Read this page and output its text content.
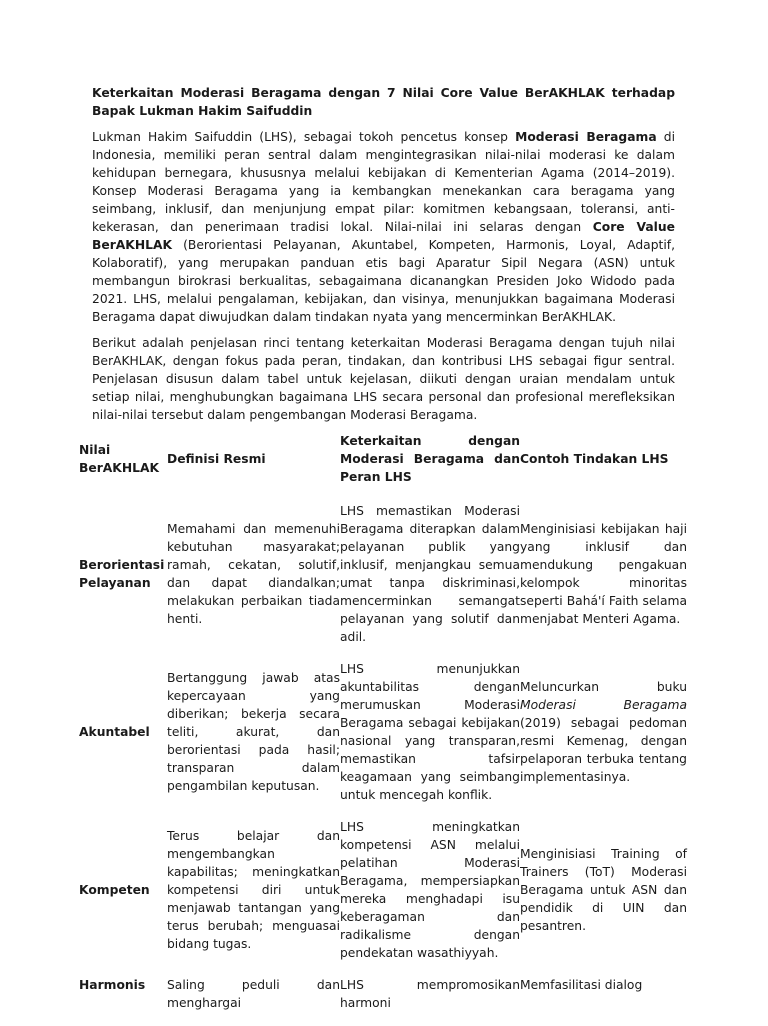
Keterkaitan Moderasi Beragama dengan 7 Nilai Core Value BerAKHLAK terhadap Bapak Lukman Hakim Saifuddin

Lukman Hakim Saifuddin (LHS), sebagai tokoh pencetus konsep Moderasi Beragama di Indonesia, memiliki peran sentral dalam mengintegrasikan nilai-nilai moderasi ke dalam kehidupan bernegara, khususnya melalui kebijakan di Kementerian Agama (2014–2019). Konsep Moderasi Beragama yang ia kembangkan menekankan cara beragama yang seimbang, inklusif, dan menjunjung empat pilar: komitmen kebangsaan, toleransi, anti-kekerasan, dan penerimaan tradisi lokal. Nilai-nilai ini selaras dengan Core Value BerAKHLAK (Berorientasi Pelayanan, Akuntabel, Kompeten, Harmonis, Loyal, Adaptif, Kolaboratif), yang merupakan panduan etis bagi Aparatur Sipil Negara (ASN) untuk membangun birokrasi berkualitas, sebagaimana dicanangkan Presiden Joko Widodo pada 2021. LHS, melalui pengalaman, kebijakan, dan visinya, menunjukkan bagaimana Moderasi Beragama dapat diwujudkan dalam tindakan nyata yang mencerminkan BerAKHLAK.

Berikut adalah penjelasan rinci tentang keterkaitan Moderasi Beragama dengan tujuh nilai BerAKHLAK, dengan fokus pada peran, tindakan, dan kontribusi LHS sebagai figur sentral. Penjelasan disusun dalam tabel untuk kejelasan, diikuti dengan uraian mendalam untuk setiap nilai, menghubungkan bagaimana LHS secara personal dan profesional merefleksikan nilai-nilai tersebut dalam pengembangan Moderasi Beragama.

Nilai BerAKHLAK	Definisi Resmi	Keterkaitan dengan Moderasi Beragama dan Peran LHS	Contoh Tindakan LHS
Berorientasi Pelayanan	Memahami dan memenuhi kebutuhan masyarakat; ramah, cekatan, solutif, dan dapat diandalkan; melakukan perbaikan tiada henti.	LHS memastikan Moderasi Beragama diterapkan dalam pelayanan publik yang inklusif, menjangkau semua umat tanpa diskriminasi, mencerminkan semangat pelayanan yang solutif dan adil.	Menginisiasi kebijakan haji yang inklusif dan mendukung pengakuan kelompok minoritas seperti Bahá'í Faith selama menjabat Menteri Agama.
Akuntabel	Bertanggung jawab atas kepercayaan yang diberikan; bekerja secara teliti, akurat, dan berorientasi pada hasil; transparan dalam pengambilan keputusan.	LHS menunjukkan akuntabilitas dengan merumuskan Moderasi Beragama sebagai kebijakan nasional yang transparan, memastikan tafsir keagamaan yang seimbang untuk mencegah konflik.	Meluncurkan buku Moderasi Beragama (2019) sebagai pedoman resmi Kemenag, dengan pelaporan terbuka tentang implementasinya.
Kompeten	Terus belajar dan mengembangkan kapabilitas; meningkatkan kompetensi diri untuk menjawab tantangan yang terus berubah; menguasai bidang tugas.	LHS meningkatkan kompetensi ASN melalui pelatihan Moderasi Beragama, mempersiapkan mereka menghadapi isu keberagaman dan radikalisme dengan pendekatan wasathiyyah.	Menginisiasi Training of Trainers (ToT) Moderasi Beragama untuk ASN dan pendidik di UIN dan pesantren.
Harmonis	Saling peduli dan menghargai	LHS mempromosikan harmoni	Memfasilitasi dialog
